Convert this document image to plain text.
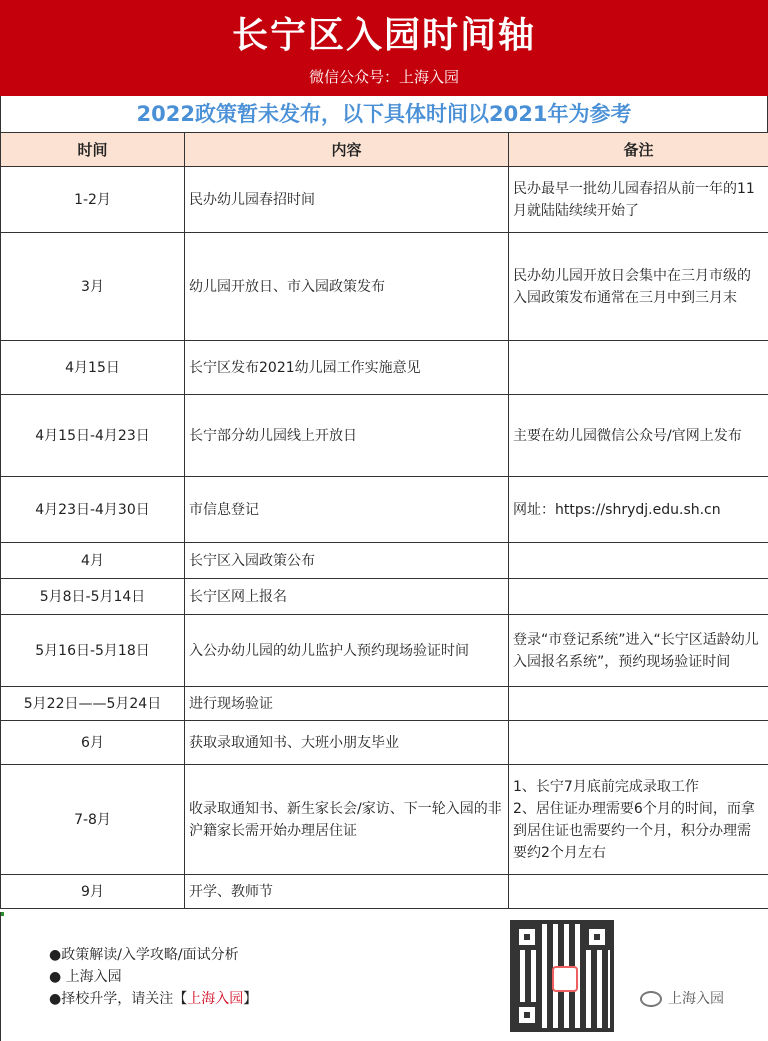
长宁区入园时间轴
微信公众号：上海入园
2022政策暂未发布，以下具体时间以2021年为参考
时间	内容	备注
1-2月	民办幼儿园春招时间	民办最早一批幼儿园春招从前一年的11月就陆陆续续开始了
3月	幼儿园开放日、市入园政策发布	民办幼儿园开放日会集中在三月市级的入园政策发布通常在三月中到三月末
4月15日	长宁区发布2021幼儿园工作实施意见	
4月15日-4月23日	长宁部分幼儿园线上开放日	主要在幼儿园微信公众号/官网上发布
4月23日-4月30日	市信息登记	网址：https://shrydj.edu.sh.cn
4月	长宁区入园政策公布	
5月8日-5月14日	长宁区网上报名	
5月16日-5月18日	入公办幼儿园的幼儿监护人预约现场验证时间	登录“市登记系统”进入“长宁区适龄幼儿入园报名系统”，预约现场验证时间
5月22日——5月24日	进行现场验证	
6月	获取录取通知书、大班小朋友毕业	
7-8月	收录取通知书、新生家长会/家访、下一轮入园的非沪籍家长需开始办理居住证	1、长宁7月底前完成录取工作
2、居住证办理需要6个月的时间，而拿到居住证也需要约一个月，积分办理需要约2个月左右
9月	开学、教师节	
●政策解读/入学攻略/面试分析
● 上海入园
●择校升学，请关注【上海入园】	上海入园
